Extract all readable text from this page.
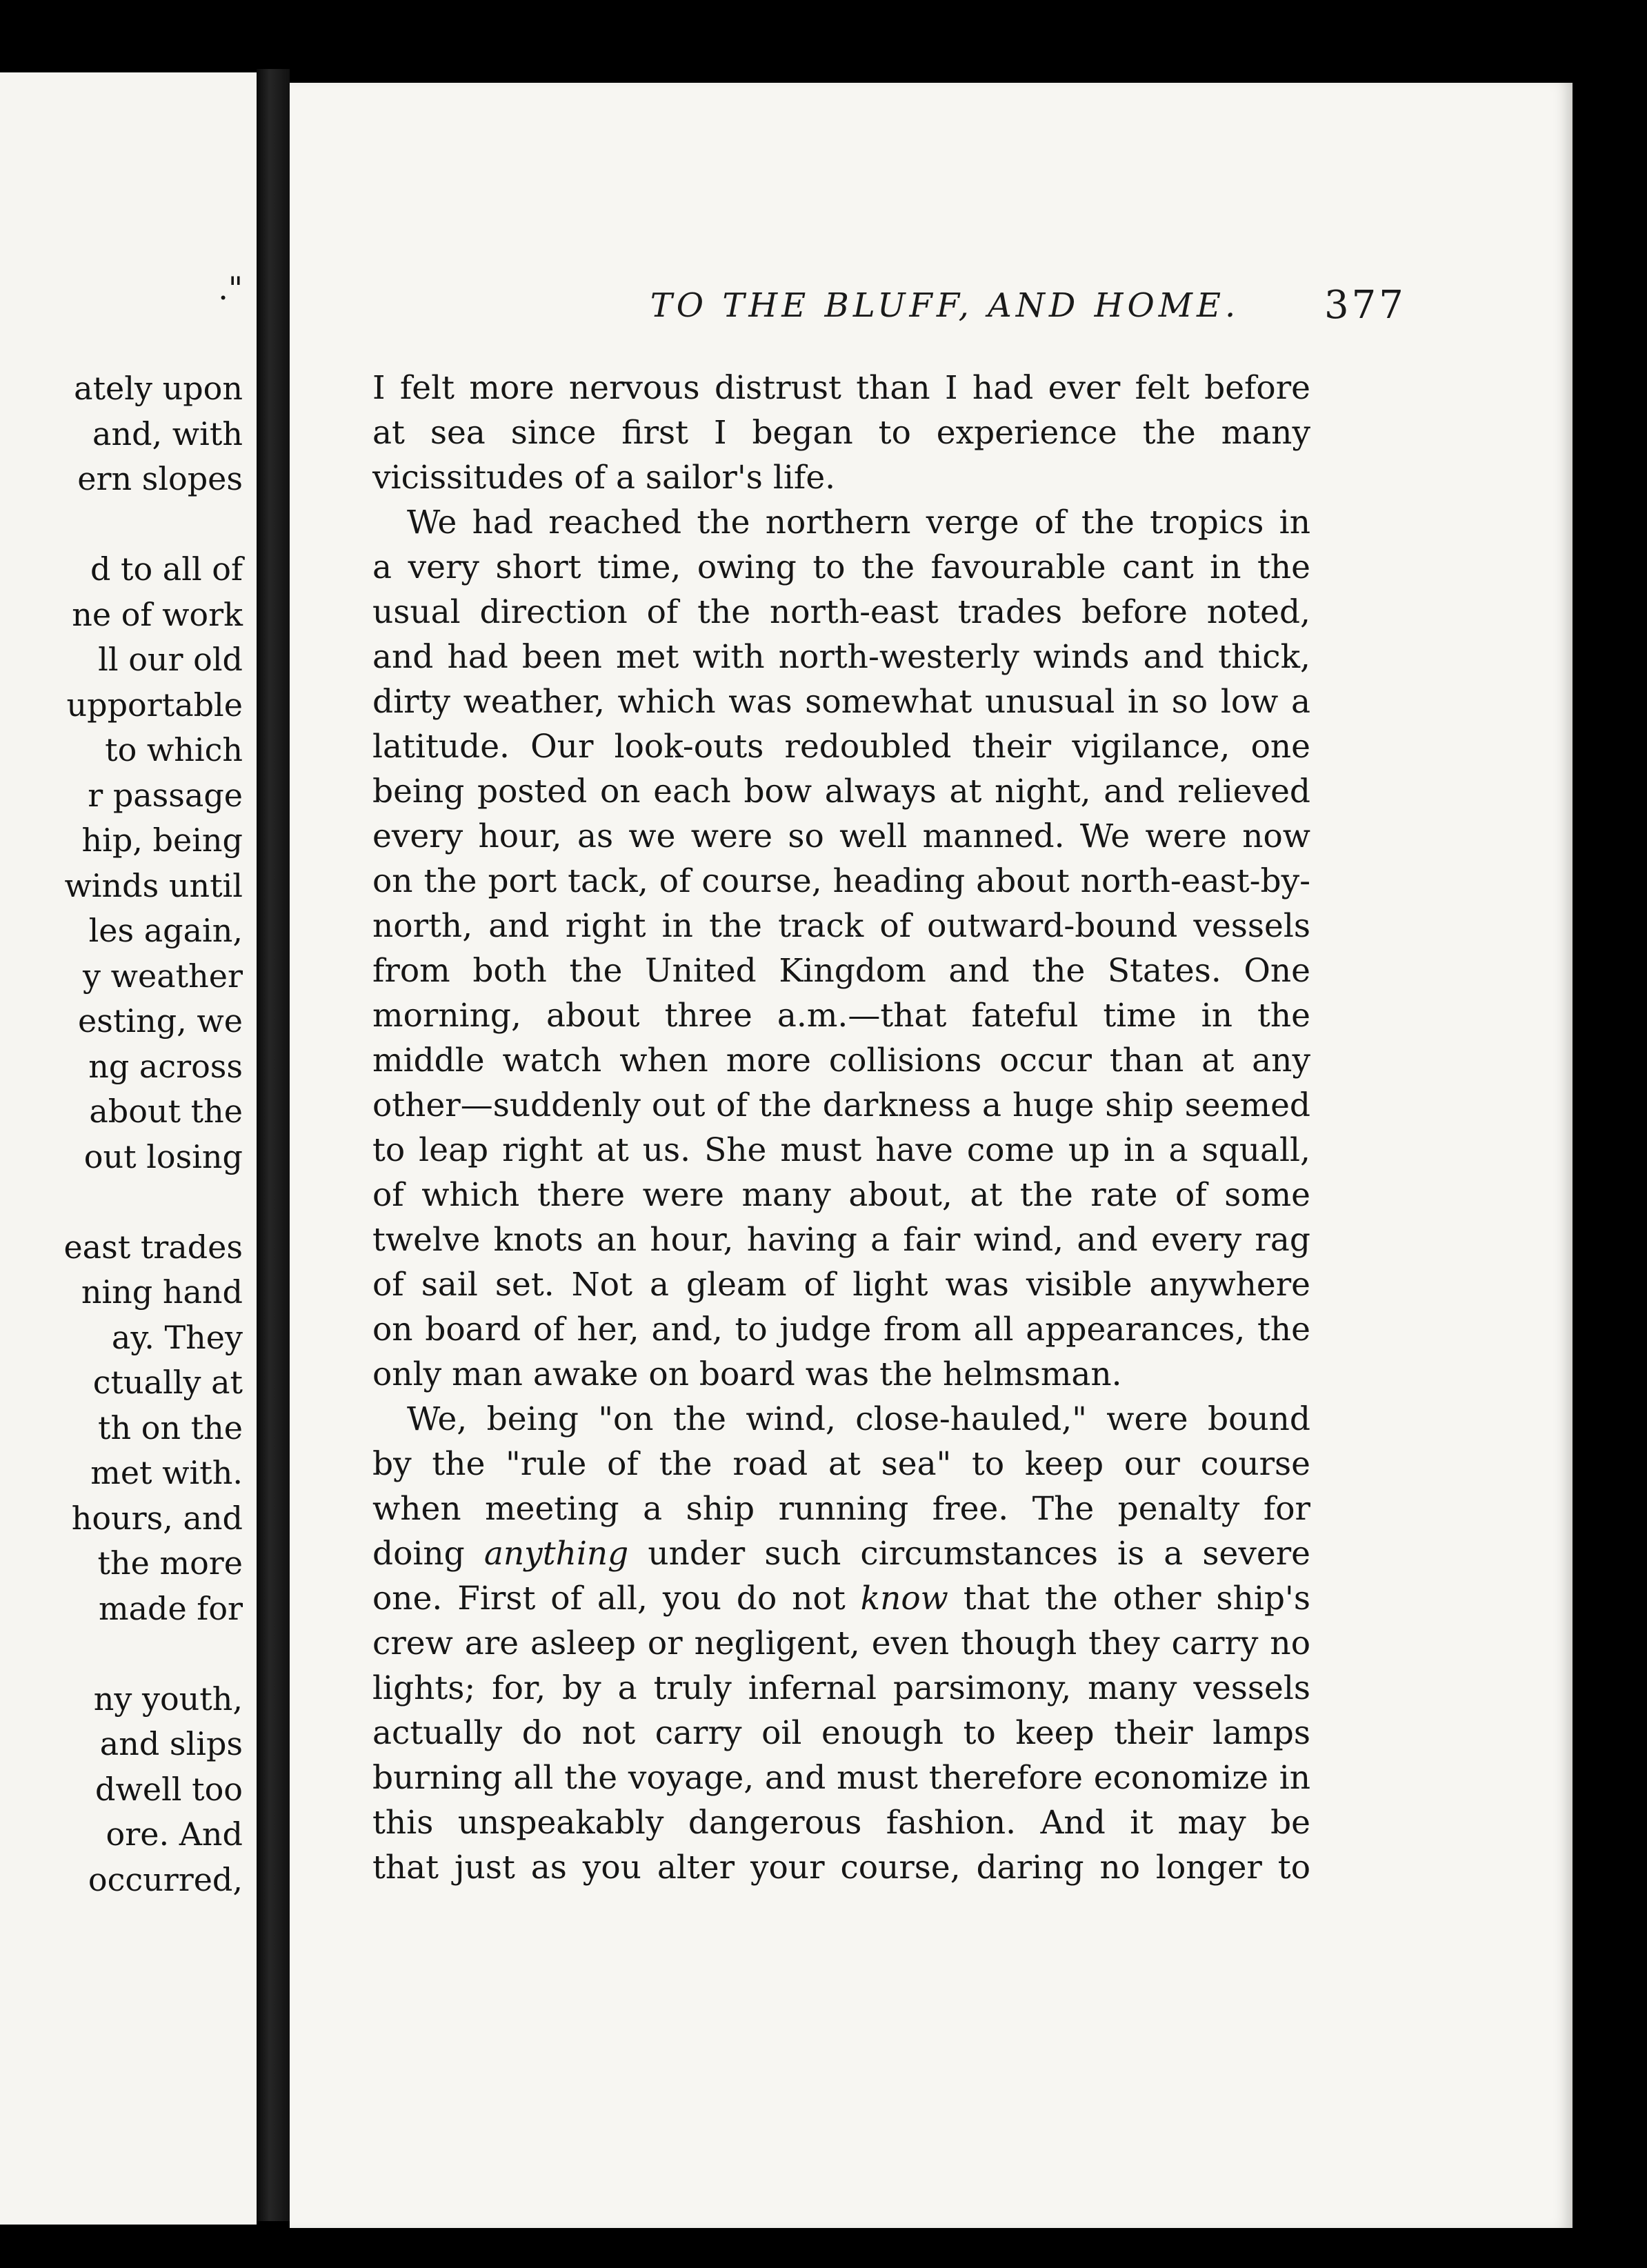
."
ately upon
and, with
ern slopes
d to all of
ne of work
ll our old
upportable
to which
r passage
hip, being
winds until
les again,
y weather
esting, we
ng across
about the
out losing
east trades
ning hand
ay. They
ctually at
th on the
met with.
hours, and
the more
made for
ny youth,
and slips
dwell too
ore. And
occurred,
TO THE BLUFF, AND HOME.	377
I felt more nervous distrust than I had ever felt before
at sea since first I began to experience the many
vicissitudes of a sailor's life.
We had reached the northern verge of the tropics in
a very short time, owing to the favourable cant in the
usual direction of the north-east trades before noted,
and had been met with north-westerly winds and thick,
dirty weather, which was somewhat unusual in so low a
latitude. Our look-outs redoubled their vigilance, one
being posted on each bow always at night, and relieved
every hour, as we were so well manned. We were now
on the port tack, of course, heading about north-east-by-
north, and right in the track of outward-bound vessels
from both the United Kingdom and the States. One
morning, about three a.m.—that fateful time in the
middle watch when more collisions occur than at any
other—suddenly out of the darkness a huge ship seemed
to leap right at us. She must have come up in a squall,
of which there were many about, at the rate of some
twelve knots an hour, having a fair wind, and every rag
of sail set. Not a gleam of light was visible anywhere
on board of her, and, to judge from all appearances, the
only man awake on board was the helmsman.
We, being "on the wind, close-hauled," were bound
by the "rule of the road at sea" to keep our course
when meeting a ship running free. The penalty for
doing anything under such circumstances is a severe
one. First of all, you do not know that the other ship's
crew are asleep or negligent, even though they carry no
lights; for, by a truly infernal parsimony, many vessels
actually do not carry oil enough to keep their lamps
burning all the voyage, and must therefore economize in
this unspeakably dangerous fashion. And it may be
that just as you alter your course, daring no longer to
